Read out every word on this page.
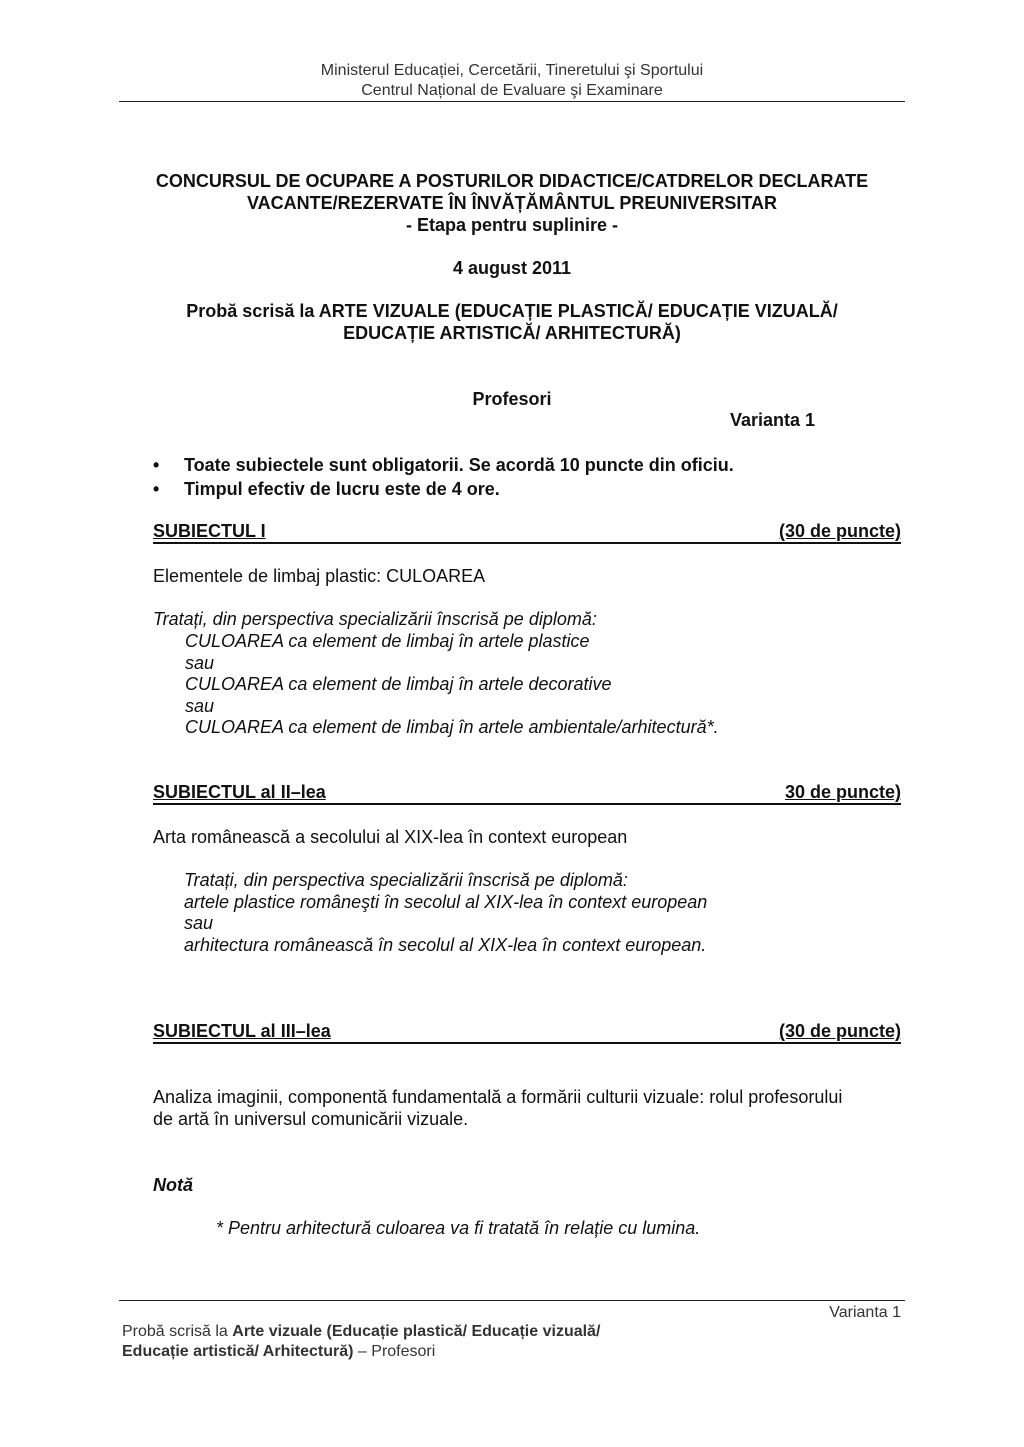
Ministerul Educației, Cercetării, Tineretului şi Sportului
Centrul Național de Evaluare şi Examinare
CONCURSUL DE OCUPARE A POSTURILOR DIDACTICE/CATDRELOR DECLARATE
VACANTE/REZERVATE ÎN ÎNVĂȚĂMÂNTUL PREUNIVERSITAR
- Etapa pentru suplinire -
4 august 2011
Probă scrisă la ARTE VIZUALE (EDUCAȚIE PLASTICĂ/ EDUCAȚIE VIZUALĂ/
EDUCAȚIE ARTISTICĂ/ ARHITECTURĂ)
Profesori
Varianta 1
• Toate subiectele sunt obligatorii. Se acordă 10 puncte din oficiu.
• Timpul efectiv de lucru este de 4 ore.
SUBIECTUL I	(30 de puncte)
Elementele de limbaj plastic: CULOAREA
Tratați, din perspectiva specializării înscrisă pe diplomă:
CULOAREA ca element de limbaj în artele plastice
sau
CULOAREA ca element de limbaj în artele decorative
sau
CULOAREA ca element de limbaj în artele ambientale/arhitectură*.
SUBIECTUL al II–lea	30 de puncte)
Arta românească a secolului al XIX-lea în context european
Tratați, din perspectiva specializării înscrisă pe diplomă:
artele plastice româneşti în secolul al XIX-lea în context european
sau
arhitectura românească în secolul al XIX-lea în context european.
SUBIECTUL al III–lea	(30 de puncte)
Analiza imaginii, componentă fundamentală a formării culturii vizuale: rolul profesorului
de artă în universul comunicării vizuale.
Notă
* Pentru arhitectură culoarea va fi tratată în relație cu lumina.
Varianta 1
Probă scrisă la Arte vizuale (Educație plastică/ Educație vizuală/
Educație artistică/ Arhitectură) – Profesori
